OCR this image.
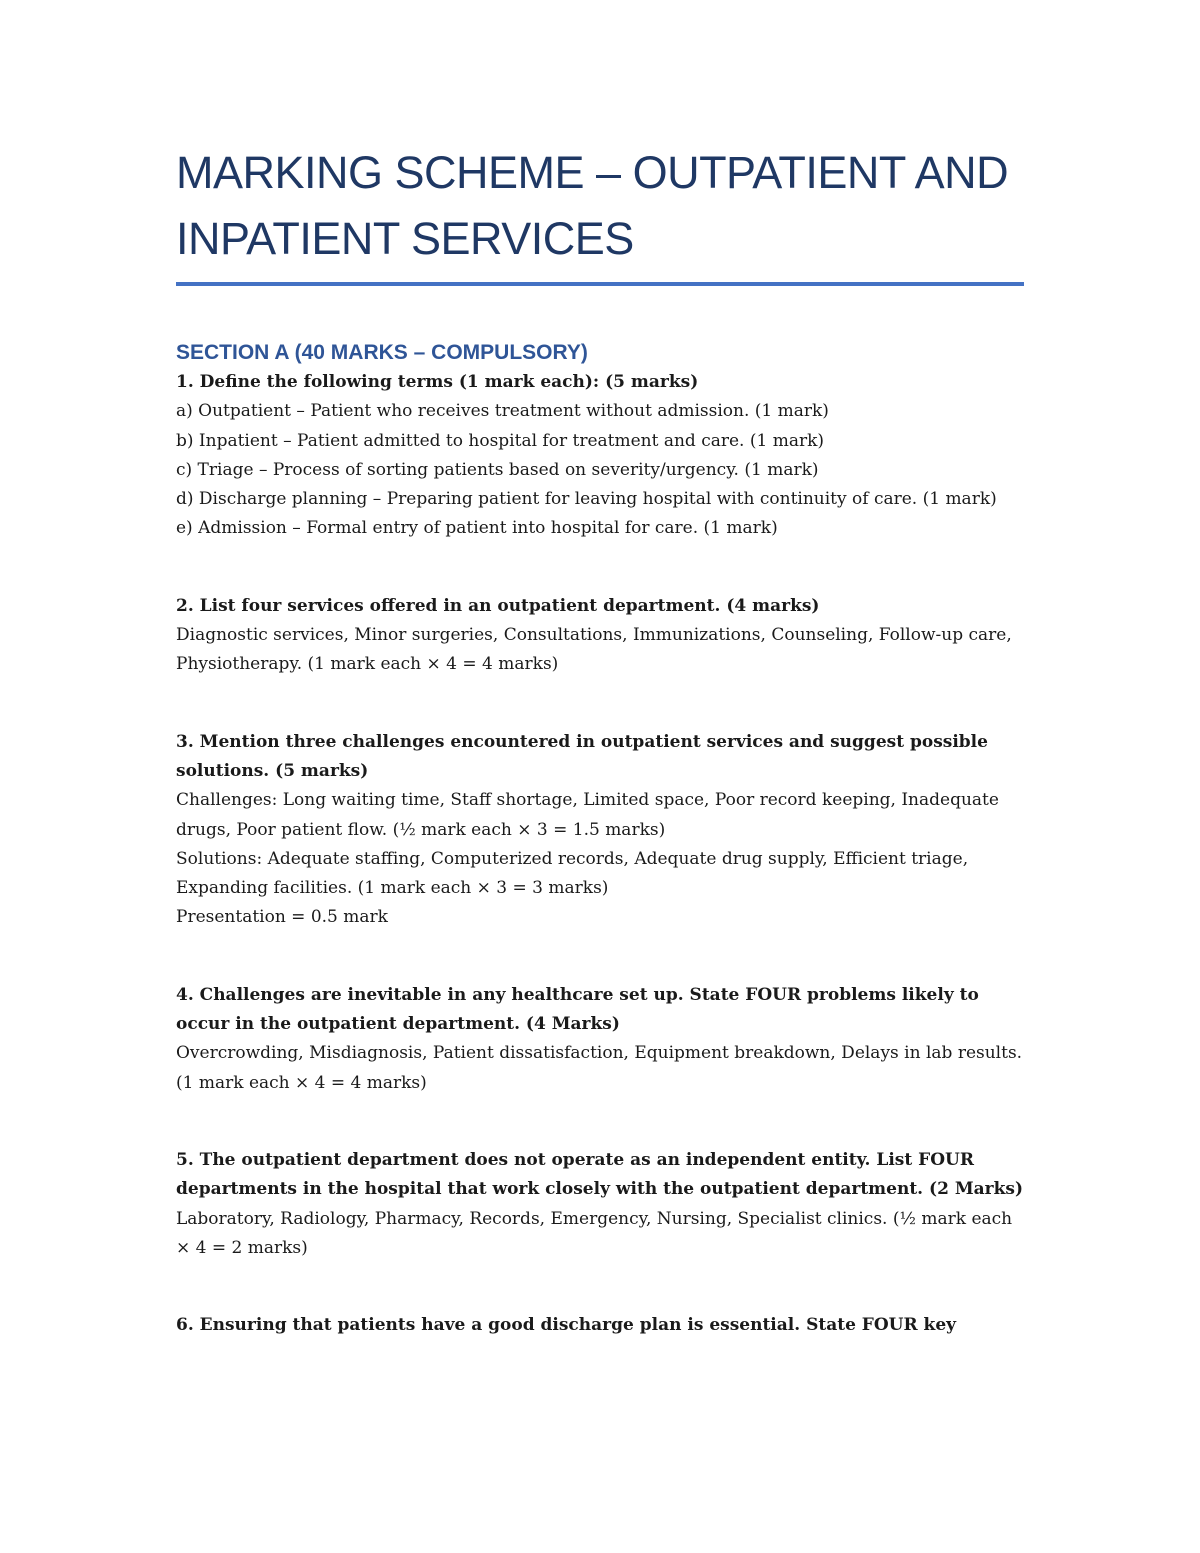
MARKING SCHEME – OUTPATIENT AND
INPATIENT SERVICES
SECTION A (40 MARKS – COMPULSORY)
1. Define the following terms (1 mark each): (5 marks)
a) Outpatient – Patient who receives treatment without admission. (1 mark)
b) Inpatient – Patient admitted to hospital for treatment and care. (1 mark)
c) Triage – Process of sorting patients based on severity/urgency. (1 mark)
d) Discharge planning – Preparing patient for leaving hospital with continuity of care. (1 mark)
e) Admission – Formal entry of patient into hospital for care. (1 mark)
2. List four services offered in an outpatient department. (4 marks)
Diagnostic services, Minor surgeries, Consultations, Immunizations, Counseling, Follow-up care, Physiotherapy. (1 mark each × 4 = 4 marks)
3. Mention three challenges encountered in outpatient services and suggest possible solutions. (5 marks)
Challenges: Long waiting time, Staff shortage, Limited space, Poor record keeping, Inadequate drugs, Poor patient flow. (½ mark each × 3 = 1.5 marks)
Solutions: Adequate staffing, Computerized records, Adequate drug supply, Efficient triage, Expanding facilities. (1 mark each × 3 = 3 marks)
Presentation = 0.5 mark
4. Challenges are inevitable in any healthcare set up. State FOUR problems likely to occur in the outpatient department. (4 Marks)
Overcrowding, Misdiagnosis, Patient dissatisfaction, Equipment breakdown, Delays in lab results. (1 mark each × 4 = 4 marks)
5. The outpatient department does not operate as an independent entity. List FOUR departments in the hospital that work closely with the outpatient department. (2 Marks)
Laboratory, Radiology, Pharmacy, Records, Emergency, Nursing, Specialist clinics. (½ mark each × 4 = 2 marks)
6. Ensuring that patients have a good discharge plan is essential. State FOUR key
